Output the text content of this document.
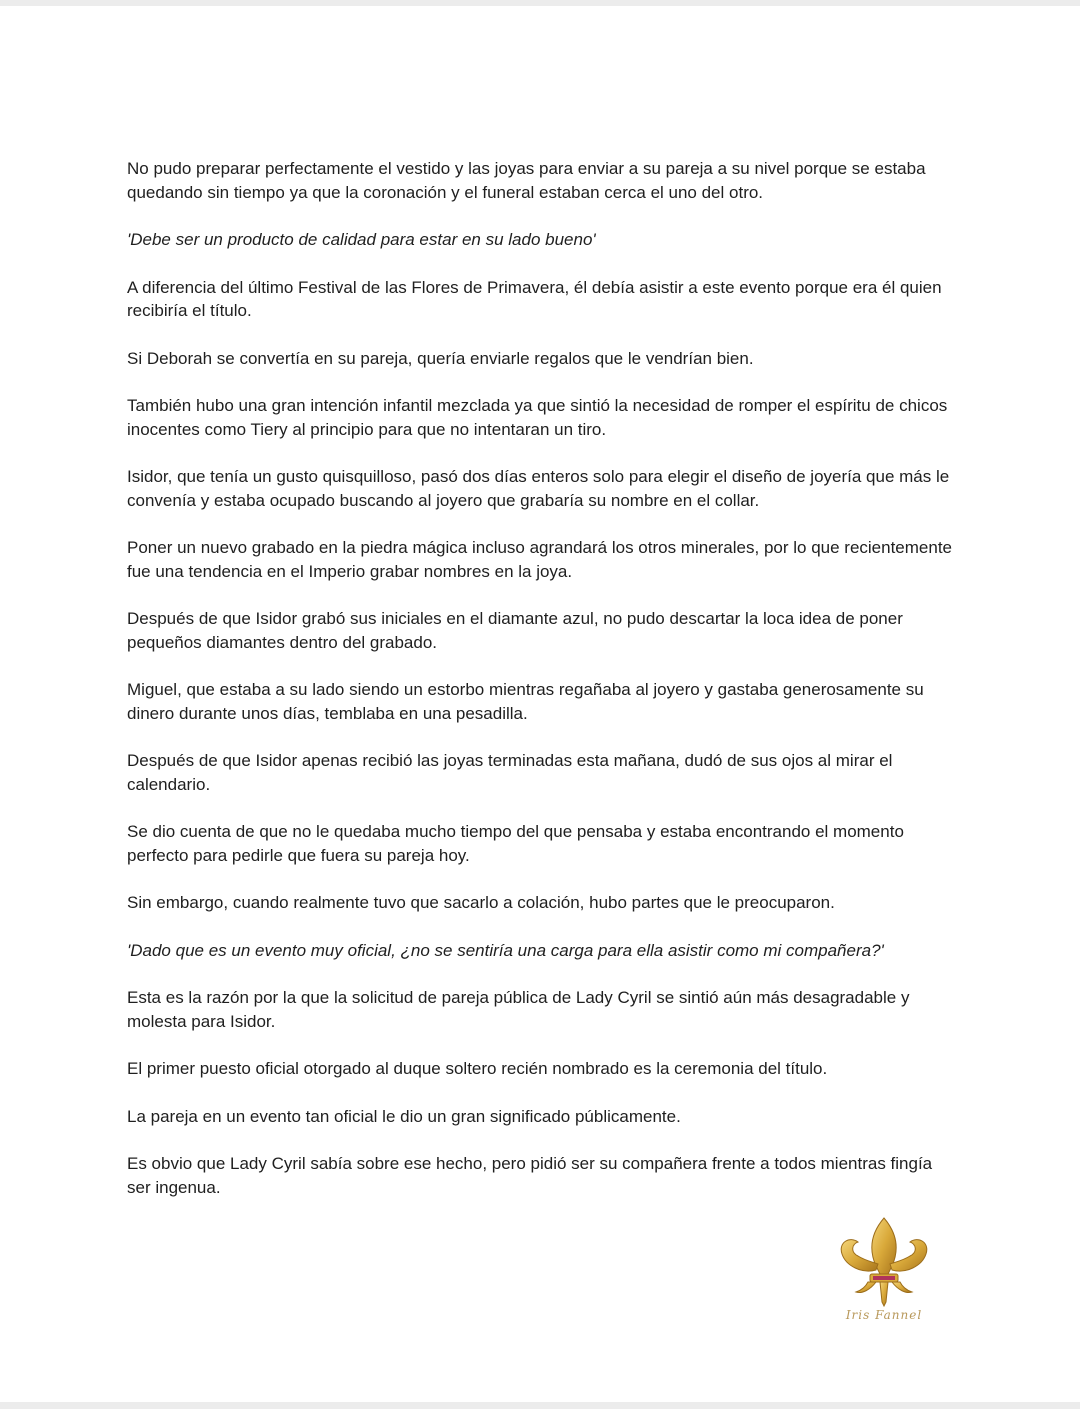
No pudo preparar perfectamente el vestido y las joyas para enviar a su pareja a su nivel porque se estaba quedando sin tiempo ya que la coronación y el funeral estaban cerca el uno del otro.

'Debe ser un producto de calidad para estar en su lado bueno'

A diferencia del último Festival de las Flores de Primavera, él debía asistir a este evento porque era él quien recibiría el título.

Si Deborah se convertía en su pareja, quería enviarle regalos que le vendrían bien.

También hubo una gran intención infantil mezclada ya que sintió la necesidad de romper el espíritu de chicos inocentes como Tiery al principio para que no intentaran un tiro.

Isidor, que tenía un gusto quisquilloso, pasó dos días enteros solo para elegir el diseño de joyería que más le convenía y estaba ocupado buscando al joyero que grabaría su nombre en el collar.

Poner un nuevo grabado en la piedra mágica incluso agrandará los otros minerales, por lo que recientemente fue una tendencia en el Imperio grabar nombres en la joya.

Después de que Isidor grabó sus iniciales en el diamante azul, no pudo descartar la loca idea de poner pequeños diamantes dentro del grabado.

Miguel, que estaba a su lado siendo un estorbo mientras regañaba al joyero y gastaba generosamente su dinero durante unos días, temblaba en una pesadilla.

Después de que Isidor apenas recibió las joyas terminadas esta mañana, dudó de sus ojos al mirar el calendario.

Se dio cuenta de que no le quedaba mucho tiempo del que pensaba y estaba encontrando el momento perfecto para pedirle que fuera su pareja hoy.

Sin embargo, cuando realmente tuvo que sacarlo a colación, hubo partes que le preocuparon.

'Dado que es un evento muy oficial, ¿no se sentiría una carga para ella asistir como mi compañera?'

Esta es la razón por la que la solicitud de pareja pública de Lady Cyril se sintió aún más desagradable y molesta para Isidor.

El primer puesto oficial otorgado al duque soltero recién nombrado es la ceremonia del título.

La pareja en un evento tan oficial le dio un gran significado públicamente.

Es obvio que Lady Cyril sabía sobre ese hecho, pero pidió ser su compañera frente a todos mientras fingía ser ingenua.

Iris Fannel
